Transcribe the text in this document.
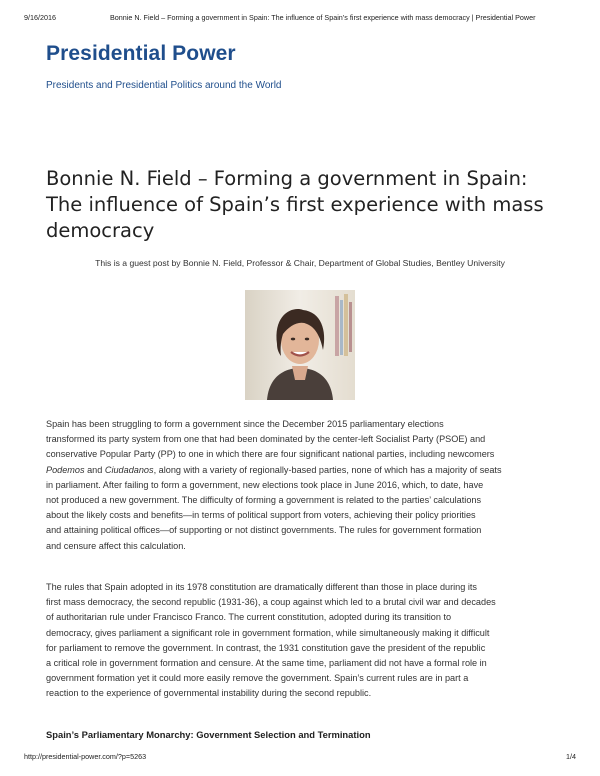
9/16/2016	Bonnie N. Field – Forming a government in Spain: The influence of Spain’s first experience with mass democracy | Presidential Power
Presidential Power
Presidents and Presidential Politics around the World
Bonnie N. Field – Forming a government in Spain:
The influence of Spain’s first experience with mass
democracy
This is a guest post by Bonnie N. Field, Professor & Chair, Department of Global Studies, Bentley University

Spain has been struggling to form a government since the December 2015 parliamentary elections
transformed its party system from one that had been dominated by the center-left Socialist Party (PSOE) and
conservative Popular Party (PP) to one in which there are four significant national parties, including newcomers
Podemos and Ciudadanos, along with a variety of regionally-based parties, none of which has a majority of seats
in parliament. After failing to form a government, new elections took place in June 2016, which, to date, have
not produced a new government. The difficulty of forming a government is related to the parties’ calculations
about the likely costs and benefits—in terms of political support from voters, achieving their policy priorities
and attaining political offices—of supporting or not distinct governments. The rules for government formation
and censure affect this calculation.

The rules that Spain adopted in its 1978 constitution are dramatically different than those in place during its
first mass democracy, the second republic (1931-36), a coup against which led to a brutal civil war and decades
of authoritarian rule under Francisco Franco. The current constitution, adopted during its transition to
democracy, gives parliament a significant role in government formation, while simultaneously making it difficult
for parliament to remove the government. In contrast, the 1931 constitution gave the president of the republic
a critical role in government formation and censure. At the same time, parliament did not have a formal role in
government formation yet it could more easily remove the government. Spain’s current rules are in part a
reaction to the experience of governmental instability during the second republic.

Spain’s Parliamentary Monarchy: Government Selection and Termination
http://presidential-power.com/?p=5263	1/4
